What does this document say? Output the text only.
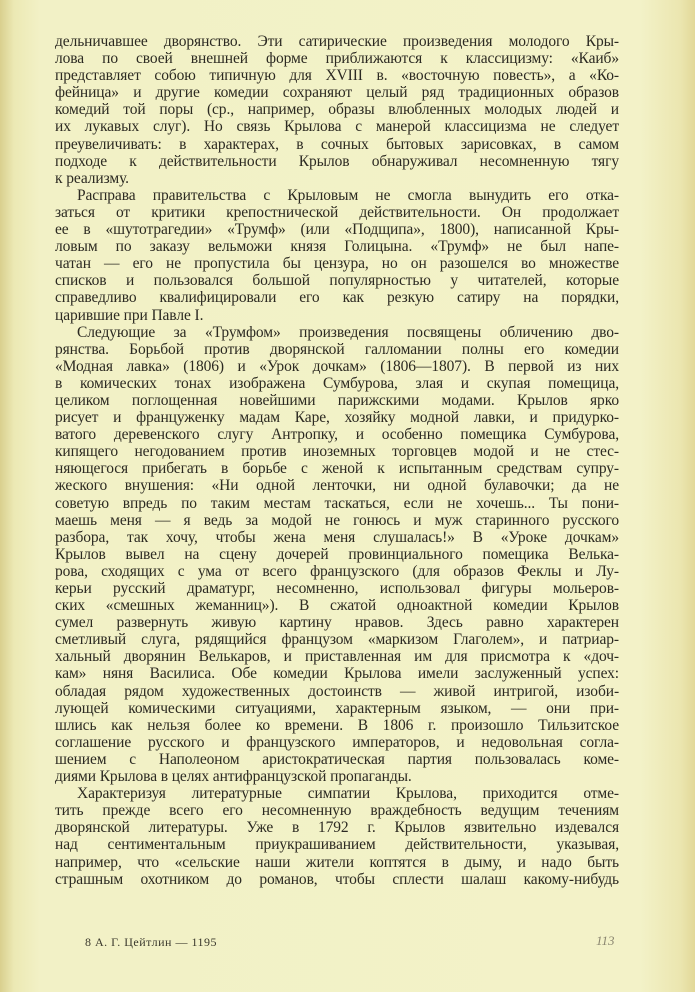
дельничавшее дворянство. Эти сатирические произведения молодого Кры-
лова по своей внешней форме приближаются к классицизму: «Каиб»
представляет собою типичную для XVIII в. «восточную повесть», а «Ко-
фейница» и другие комедии сохраняют целый ряд традиционных образов
комедий той поры (ср., например, образы влюбленных молодых людей и
их лукавых слуг). Но связь Крылова с манерой классицизма не следует
преувеличивать: в характерах, в сочных бытовых зарисовках, в самом
подходе к действительности Крылов обнаруживал несомненную тягу
к реализму.
Расправа правительства с Крыловым не смогла вынудить его отка-
заться от критики крепостнической действительности. Он продолжает
ее в «шутотрагедии» «Трумф» (или «Подщипа», 1800), написанной Кры-
ловым по заказу вельможи князя Голицына. «Трумф» не был напе-
чатан — его не пропустила бы цензура, но он разошелся во множестве
списков и пользовался большой популярностью у читателей, которые
справедливо квалифицировали его как резкую сатиру на порядки,
царившие при Павле I.
Следующие за «Трумфом» произведения посвящены обличению дво-
рянства. Борьбой против дворянской галломании полны его комедии
«Модная лавка» (1806) и «Урок дочкам» (1806—1807). В первой из них
в комических тонах изображена Сумбурова, злая и скупая помещица,
целиком поглощенная новейшими парижскими модами. Крылов ярко
рисует и француженку мадам Каре, хозяйку модной лавки, и придурко-
ватого деревенского слугу Антропку, и особенно помещика Сумбурова,
кипящего негодованием против иноземных торговцев модой и не стес-
няющегося прибегать в борьбе с женой к испытанным средствам супру-
жеского внушения: «Ни одной ленточки, ни одной булавочки; да не
советую впредь по таким местам таскаться, если не хочешь... Ты пони-
маешь меня — я ведь за модой не гонюсь и муж старинного русского
разбора, так хочу, чтобы жена меня слушалась!» В «Уроке дочкам»
Крылов вывел на сцену дочерей провинциального помещика Велька-
рова, сходящих с ума от всего французского (для образов Феклы и Лу-
керьи русский драматург, несомненно, использовал фигуры мольеров-
ских «смешных жеманниц»). В сжатой одноактной комедии Крылов
сумел развернуть живую картину нравов. Здесь равно характерен
сметливый слуга, рядящийся французом «маркизом Глаголем», и патриар-
хальный дворянин Велькаров, и приставленная им для присмотра к «доч-
кам» няня Василиса. Обе комедии Крылова имели заслуженный успех:
обладая рядом художественных достоинств — живой интригой, изоби-
лующей комическими ситуациями, характерным языком, — они при-
шлись как нельзя более ко времени. В 1806 г. произошло Тильзитское
соглашение русского и французского императоров, и недовольная согла-
шением с Наполеоном аристократическая партия пользовалась коме-
диями Крылова в целях антифранцузской пропаганды.
Характеризуя литературные симпатии Крылова, приходится отме-
тить прежде всего его несомненную враждебность ведущим течениям
дворянской литературы. Уже в 1792 г. Крылов язвительно издевался
над сентиментальным приукрашиванием действительности, указывая,
например, что «сельские наши жители коптятся в дыму, и надо быть
страшным охотником до романов, чтобы сплести шалаш какому-нибудь
8 А. Г. Цейтлин — 1195	113
